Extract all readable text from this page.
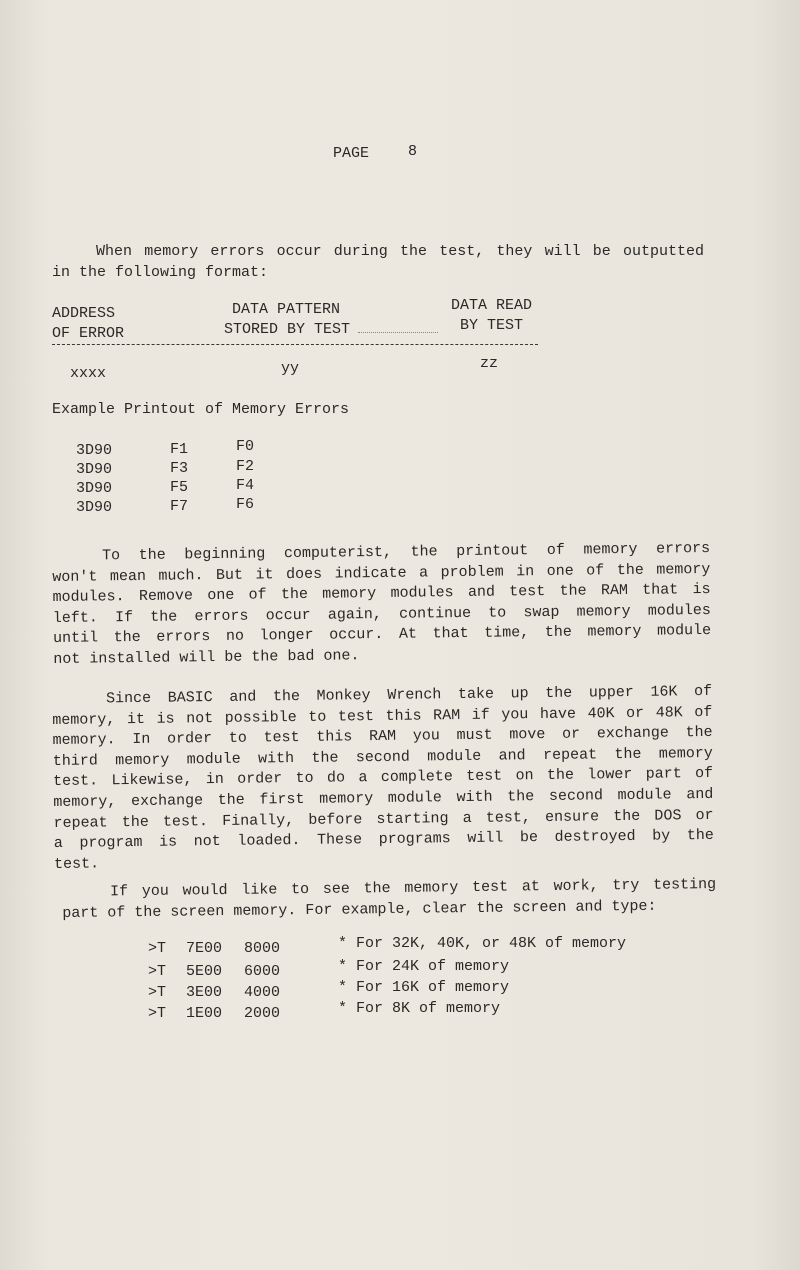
PAGE	8
When memory errors occur during the test, they will be outputted
in the following format:
ADDRESS
OF ERROR
DATA PATTERN
STORED BY TEST
DATA READ
BY TEST
xxxx	yy	zz
Example Printout of Memory Errors
3D90	F1	F0
3D90	F3	F2
3D90	F5	F4
3D90	F7	F6
To the beginning computerist, the printout of memory errors
won't mean much. But it does indicate a problem in one of the memory
modules. Remove one of the memory modules and test the RAM that is
left. If the errors occur again, continue to swap memory modules
until the errors no longer occur. At that time, the memory module
not installed will be the bad one.
Since BASIC and the Monkey Wrench take up the upper 16K of
memory, it is not possible to test this RAM if you have 40K or 48K of
memory. In order to test this RAM you must move or exchange the
third memory module with the second module and repeat the memory
test. Likewise, in order to do a complete test on the lower part of
memory, exchange the first memory module with the second module and
repeat the test. Finally, before starting a test, ensure the DOS or
a program is not loaded. These programs will be destroyed by the
test.
If you would like to see the memory test at work, try testing
part of the screen memory. For example, clear the screen and type:
>T 7E00 8000	* For 32K, 40K, or 48K of memory
>T 5E00 6000	* For 24K of memory
>T 3E00 4000	* For 16K of memory
>T 1E00 2000	* For 8K of memory
